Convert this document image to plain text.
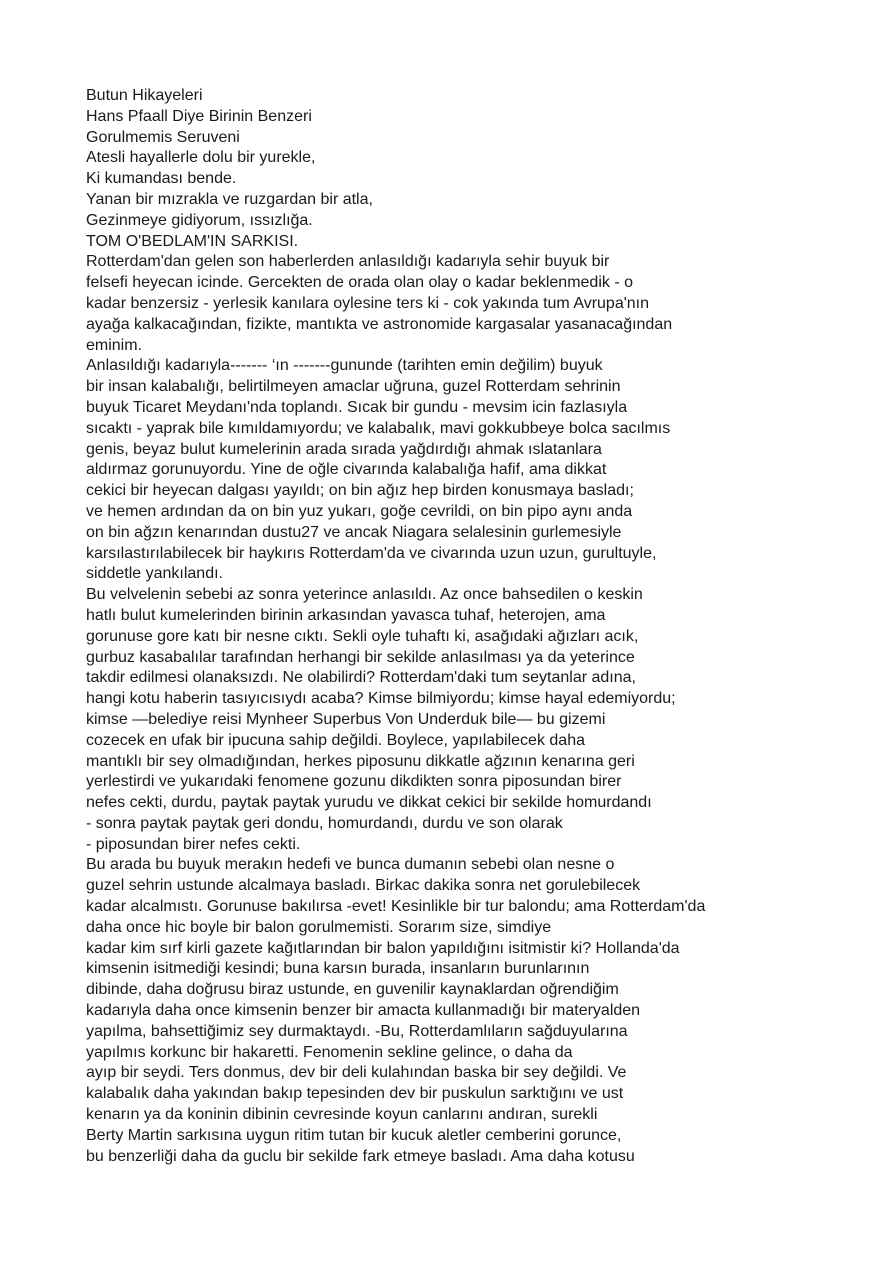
Butun Hikayeleri
Hans Pfaall Diye Birinin Benzeri
Gorulmemis Seruveni
Atesli hayallerle dolu bir yurekle,
Ki kumandası bende.
Yanan bir mızrakla ve ruzgardan bir atla,
Gezinmeye gidiyorum, ıssızlığa.
TOM O'BEDLAM'IN SARKISI.
Rotterdam'dan gelen son haberlerden anlasıldığı kadarıyla sehir buyuk bir
felsefi heyecan icinde. Gercekten de orada olan olay o kadar beklenmedik - o
kadar benzersiz - yerlesik kanılara oylesine ters ki - cok yakında tum Avrupa'nın
ayağa kalkacağından, fizikte, mantıkta ve astronomide kargasalar yasanacağından
eminim.
Anlasıldığı kadarıyla------- ‘ın -------gununde (tarihten emin değilim) buyuk
bir insan kalabalığı, belirtilmeyen amaclar uğruna, guzel Rotterdam sehrinin
buyuk Ticaret Meydanı'nda toplandı. Sıcak bir gundu - mevsim icin fazlasıyla
sıcaktı - yaprak bile kımıldamıyordu; ve kalabalık, mavi gokkubbeye bolca sacılmıs
genis, beyaz bulut kumelerinin arada sırada yağdırdığı ahmak ıslatanlara
aldırmaz gorunuyordu. Yine de oğle civarında kalabalığa hafif, ama dikkat
cekici bir heyecan dalgası yayıldı; on bin ağız hep birden konusmaya basladı;
ve hemen ardından da on bin yuz yukarı, goğe cevrildi, on bin pipo aynı anda
on bin ağzın kenarından dustu27 ve ancak Niagara selalesinin gurlemesiyle
karsılastırılabilecek bir haykırıs Rotterdam'da ve civarında uzun uzun, gurultuyle,
siddetle yankılandı.
Bu velvelenin sebebi az sonra yeterince anlasıldı. Az once bahsedilen o keskin
hatlı bulut kumelerinden birinin arkasından yavasca tuhaf, heterojen, ama
gorunuse gore katı bir nesne cıktı. Sekli oyle tuhaftı ki, asağıdaki ağızları acık,
gurbuz kasabalılar tarafından herhangi bir sekilde anlasılması ya da yeterince
takdir edilmesi olanaksızdı. Ne olabilirdi? Rotterdam'daki tum seytanlar adına,
hangi kotu haberin tasıyıcısıydı acaba? Kimse bilmiyordu; kimse hayal edemiyordu;
kimse —belediye reisi Mynheer Superbus Von Underduk bile— bu gizemi
cozecek en ufak bir ipucuna sahip değildi. Boylece, yapılabilecek daha
mantıklı bir sey olmadığından, herkes piposunu dikkatle ağzının kenarına geri
yerlestirdi ve yukarıdaki fenomene gozunu dikdikten sonra piposundan birer
nefes cekti, durdu, paytak paytak yurudu ve dikkat cekici bir sekilde homurdandı
- sonra paytak paytak geri dondu, homurdandı, durdu ve son olarak
- piposundan birer nefes cekti.
Bu arada bu buyuk merakın hedefi ve bunca dumanın sebebi olan nesne o
guzel sehrin ustunde alcalmaya basladı. Birkac dakika sonra net gorulebilecek
kadar alcalmıstı. Gorunuse bakılırsa -evet! Kesinlikle bir tur balondu; ama Rotterdam'da
daha once hic boyle bir balon gorulmemisti. Sorarım size, simdiye
kadar kim sırf kirli gazete kağıtlarından bir balon yapıldığını isitmistir ki? Hollanda'da
kimsenin isitmediği kesindi; buna karsın burada, insanların burunlarının
dibinde, daha doğrusu biraz ustunde, en guvenilir kaynaklardan oğrendiğim
kadarıyla daha once kimsenin benzer bir amacta kullanmadığı bir materyalden
yapılma, bahsettiğimiz sey durmaktaydı. -Bu, Rotterdamlıların sağduyularına
yapılmıs korkunc bir hakaretti. Fenomenin sekline gelince, o daha da
ayıp bir seydi. Ters donmus, dev bir deli kulahından baska bir sey değildi. Ve
kalabalık daha yakından bakıp tepesinden dev bir puskulun sarktığını ve ust
kenarın ya da koninin dibinin cevresinde koyun canlarını andıran, surekli
Berty Martin sarkısına uygun ritim tutan bir kucuk aletler cemberini gorunce,
bu benzerliği daha da guclu bir sekilde fark etmeye basladı. Ama daha kotusu
